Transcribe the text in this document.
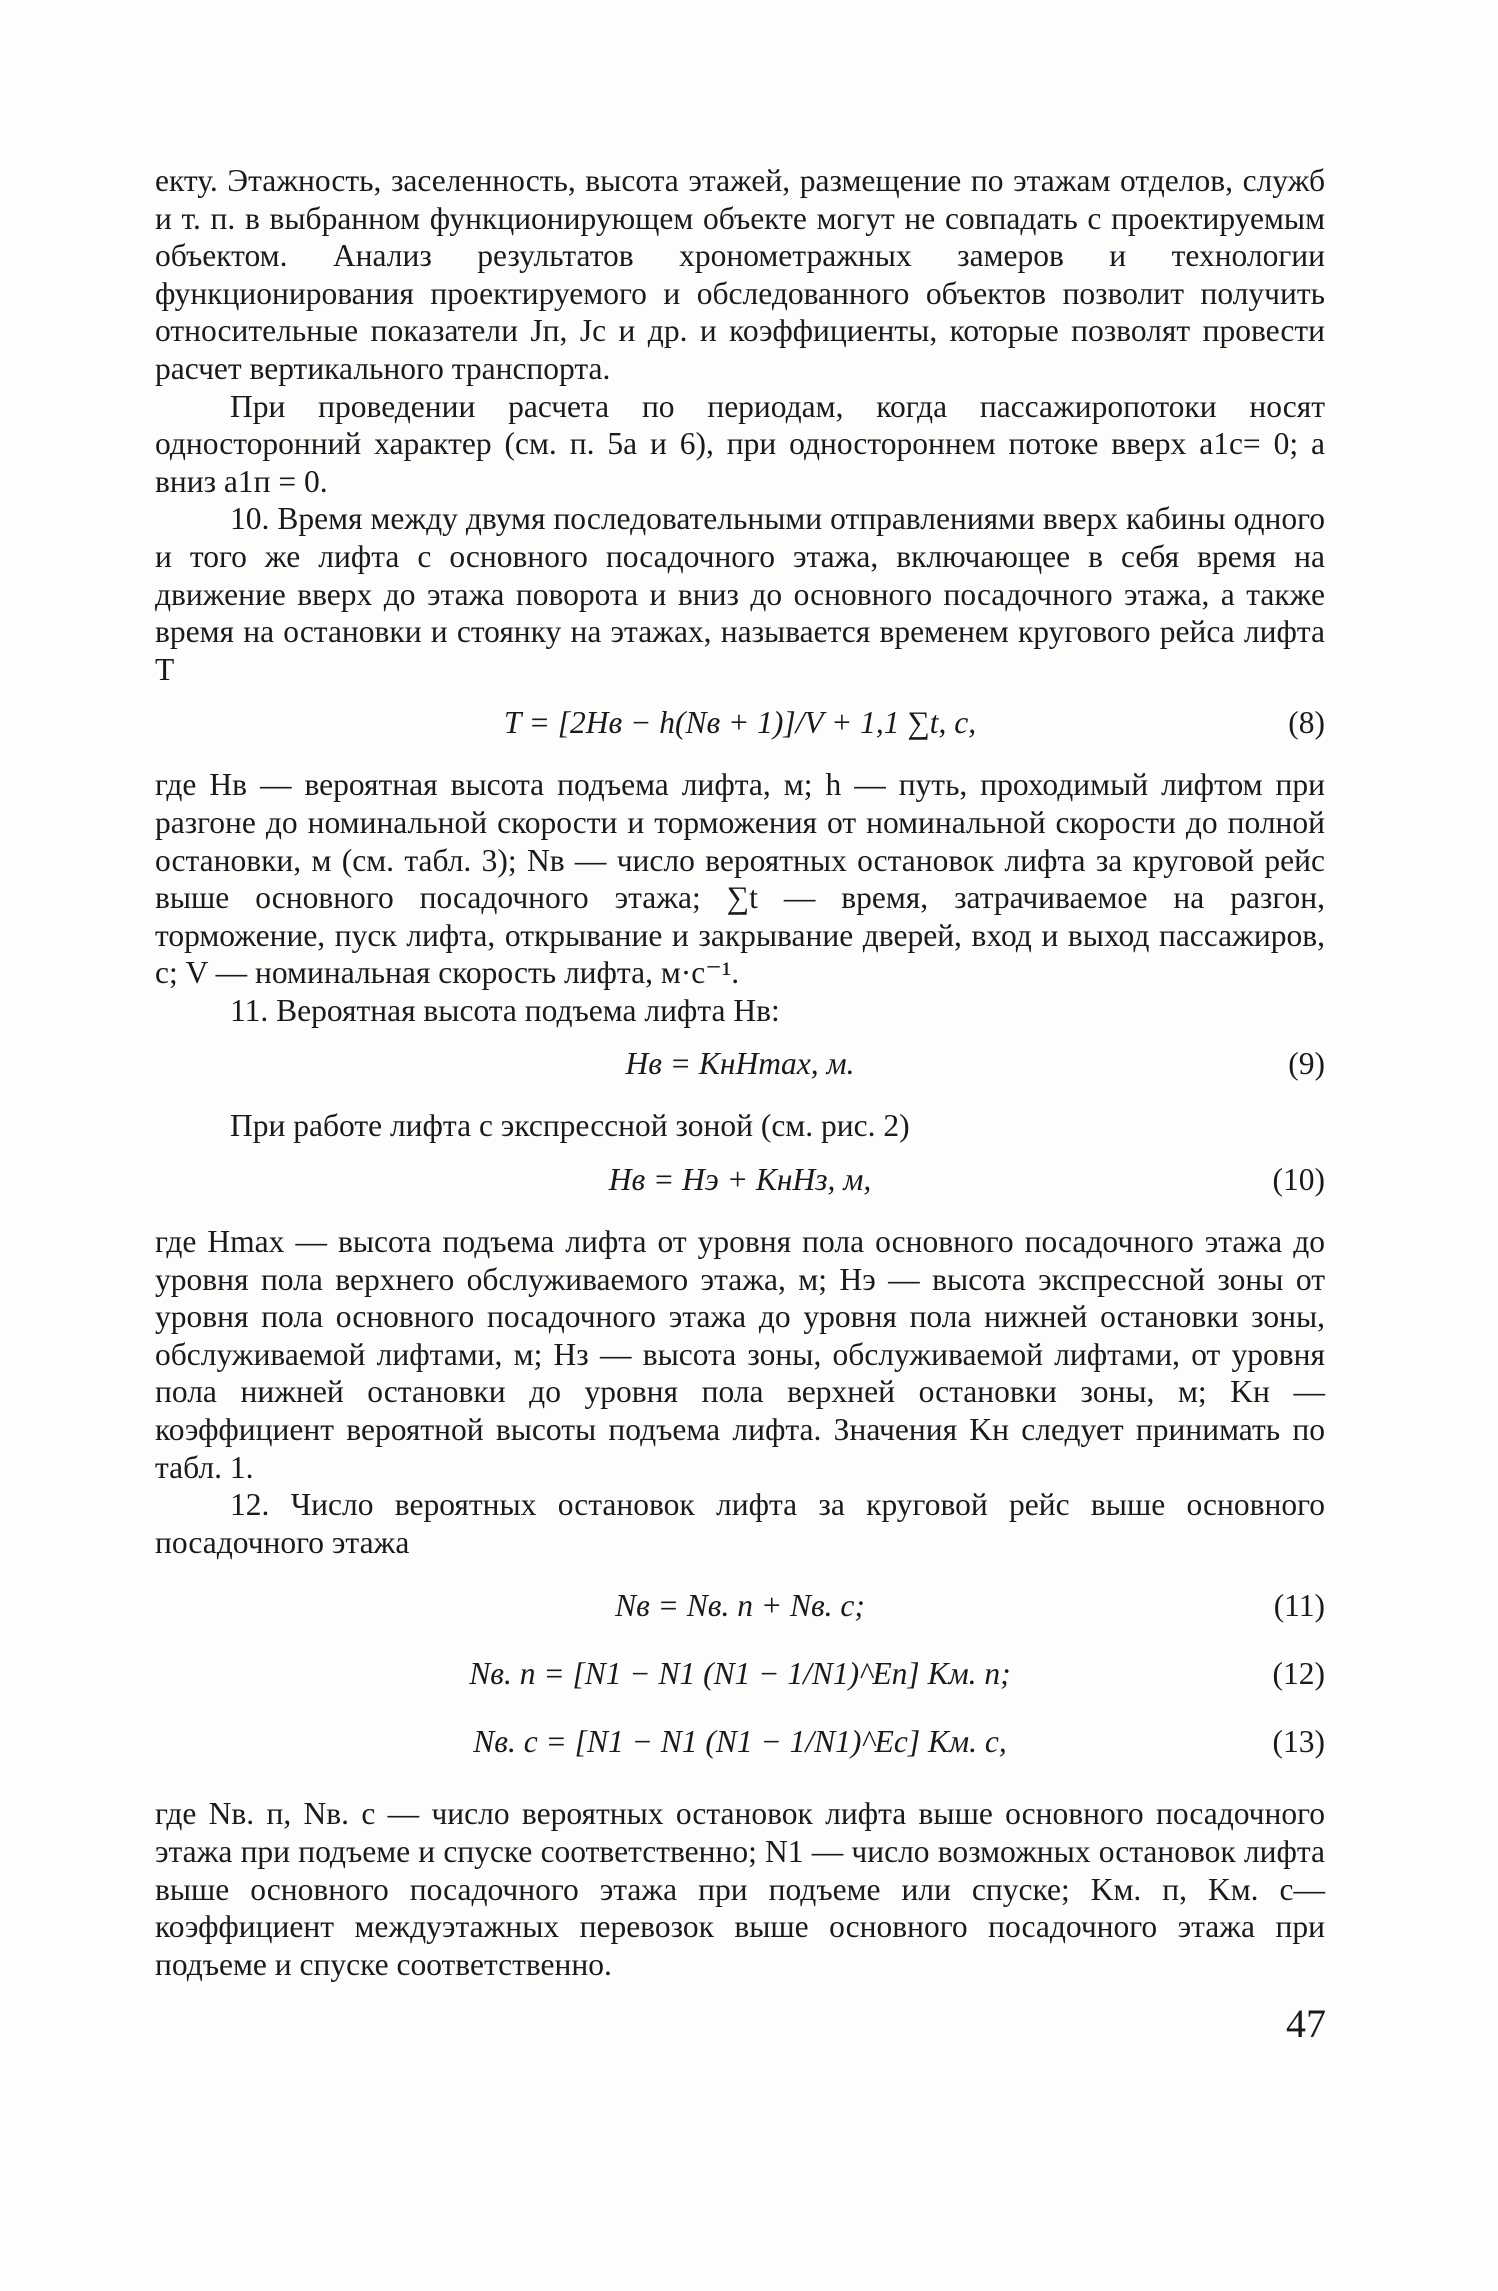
екту. Этажность, заселенность, высота этажей, размещение по этажам отделов, служб и т. п. в выбранном функционирующем объекте могут не совпадать с проектируемым объектом. Анализ результатов хронометражных замеров и технологии функционирования проектируемого и обследованного объектов позволит получить относительные показатели Jп, Jс и др. и коэффициенты, которые позволят провести расчет вертикального транспорта.

При проведении расчета по периодам, когда пассажиропотоки носят односторонний характер (см. п. 5а и 6), при одностороннем потоке вверх a1с= 0; а вниз a1п = 0.

10. Время между двумя последовательными отправлениями вверх кабины одного и того же лифта с основного посадочного этажа, включающее в себя время на движение вверх до этажа поворота и вниз до основного посадочного этажа, а также время на остановки и стоянку на этажах, называется временем кругового рейса лифта T

T = [2Hв − h(Nв + 1)]/V + 1,1 ∑t, с,	(8)

где Hв — вероятная высота подъема лифта, м; h — путь, проходимый лифтом при разгоне до номинальной скорости и торможения от номинальной скорости до полной остановки, м (см. табл. 3); Nв — число вероятных остановок лифта за круговой рейс выше основного посадочного этажа; ∑t — время, затрачиваемое на разгон, торможение, пуск лифта, открывание и закрывание дверей, вход и выход пассажиров, с; V — номинальная скорость лифта, м·с⁻¹.

11. Вероятная высота подъема лифта Hв:

Hв = KнHmax, м.	(9)

При работе лифта с экспрессной зоной (см. рис. 2)

Hв = Hэ + KнHз, м,	(10)

где Hmax — высота подъема лифта от уровня пола основного посадочного этажа до уровня пола верхнего обслуживаемого этажа, м; Hэ — высота экспрессной зоны от уровня пола основного посадочного этажа до уровня пола нижней остановки зоны, обслуживаемой лифтами, м; Hз — высота зоны, обслуживаемой лифтами, от уровня пола нижней остановки до уровня пола верхней остановки зоны, м; Kн — коэффициент вероятной высоты подъема лифта. Значения Kн следует принимать по табл. 1.

12. Число вероятных остановок лифта за круговой рейс выше основного посадочного этажа

Nв = Nв. п + Nв. с;	(11)
Nв. п = [N1 − N1 (N1 − 1/N1)^Eп] Kм. п;	(12)
Nв. с = [N1 − N1 (N1 − 1/N1)^Eс] Kм. с,	(13)

где Nв. п, Nв. с — число вероятных остановок лифта выше основного посадочного этажа при подъеме и спуске соответственно; N1 — число возможных остановок лифта выше основного посадочного этажа при подъеме или спуске; Kм. п, Kм. с—коэффициент междуэтажных перевозок выше основного посадочного этажа при подъеме и спуске соответственно.

47
